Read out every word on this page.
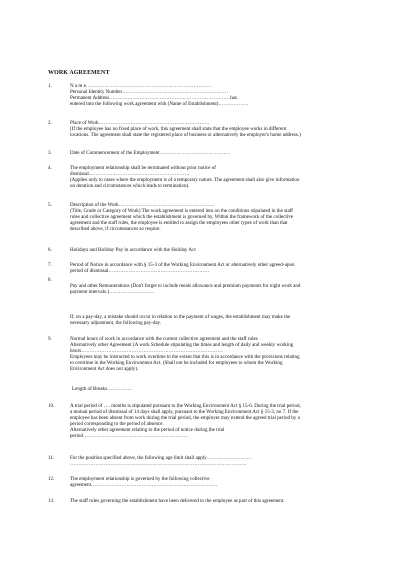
WORK AGREEMENT
1.	N a m e…………………………………………………………………
Personal Identity Number………………………………………………………
Permanent Address………………………………………………………………has
entered into the following work agreement with (Name of Establishment)………………
2.	Place of Work…………………………………………………………
(If the employee has no fixed place of work, this agreement shall state that the employee works in different
locations. The agreement shall state the registered place of business or alternatively the employer's home address.)
3.	Date of Commencement of the Employment……………………………………
4.	The employment relationship shall be terminated without prior notice of
dismissal……………………………………………………
(Applies only to cases where the employment is of a temporary nature. The agreement shall also give information
on duration and circumstances which leads to termination).
5.	Description of the Work…………………………………………………
(Title, Grade or Category of Work) The work agreement is entered into on the conditions stipulated in the staff
rules and collective agreement which the establishment is governed by. Within the framework of the collective
agreement and the staff rules, the employee is entitled to assign the employees other types of work than that
described above, if circumstances so require.
6.	Holidays and Holiday Pay in accordance with the Holiday Act
7.	Period of Notice in accordance with § 15-3 of the Working Environment Act or alternatively other agreed-upon
period of dismissal……………………………………………………
8.

Pay and other Remunerations (Don't forget to include meals allowance and premium payments for night work and
payment intervals.)………………………
If, on a pay-day, a mistake should occur in relation to the payment of wages, the establishment may make the
necessary adjustment, the following pay-day.
9.	Normal hours of work in accordance with the current collective agreement and the staff rules
Alternatively other Agreement (A work Schedule stipulating the times and length of daily and weekly working
hours…………………………………………………………………………
Employees may be instructed to work overtime to the extent that this is in accordance with the provisions relating
to overtime in the Working Environment Act. (Shall not be included for employees to whom the Working
Environment Act does not apply).
Length of Breaks……………
10.	A trial period of …. months is stipulated pursuant to the Working Environment Act § 15-6. During the trial period,
a mutual period of dismissal of 14 days shall apply, pursuant to the Working Environment Act § 15-3, no 7. If the
employee has been absent from work during the trial period, the employer may extend the agreed trial period by a
period corresponding to the period of absence.
Alternatively other agreement relating to the period of notice during the trial
period………………………………………………………
11.	For the position specified above, the following age limit shall apply………………………
……………………………………………………………………………………………
12.	The employment relationship is governed by the following collective
agreement…………………………………………………………………
13.	The staff rules governing the establishment have been delivered to the employee as part of this agreement.
